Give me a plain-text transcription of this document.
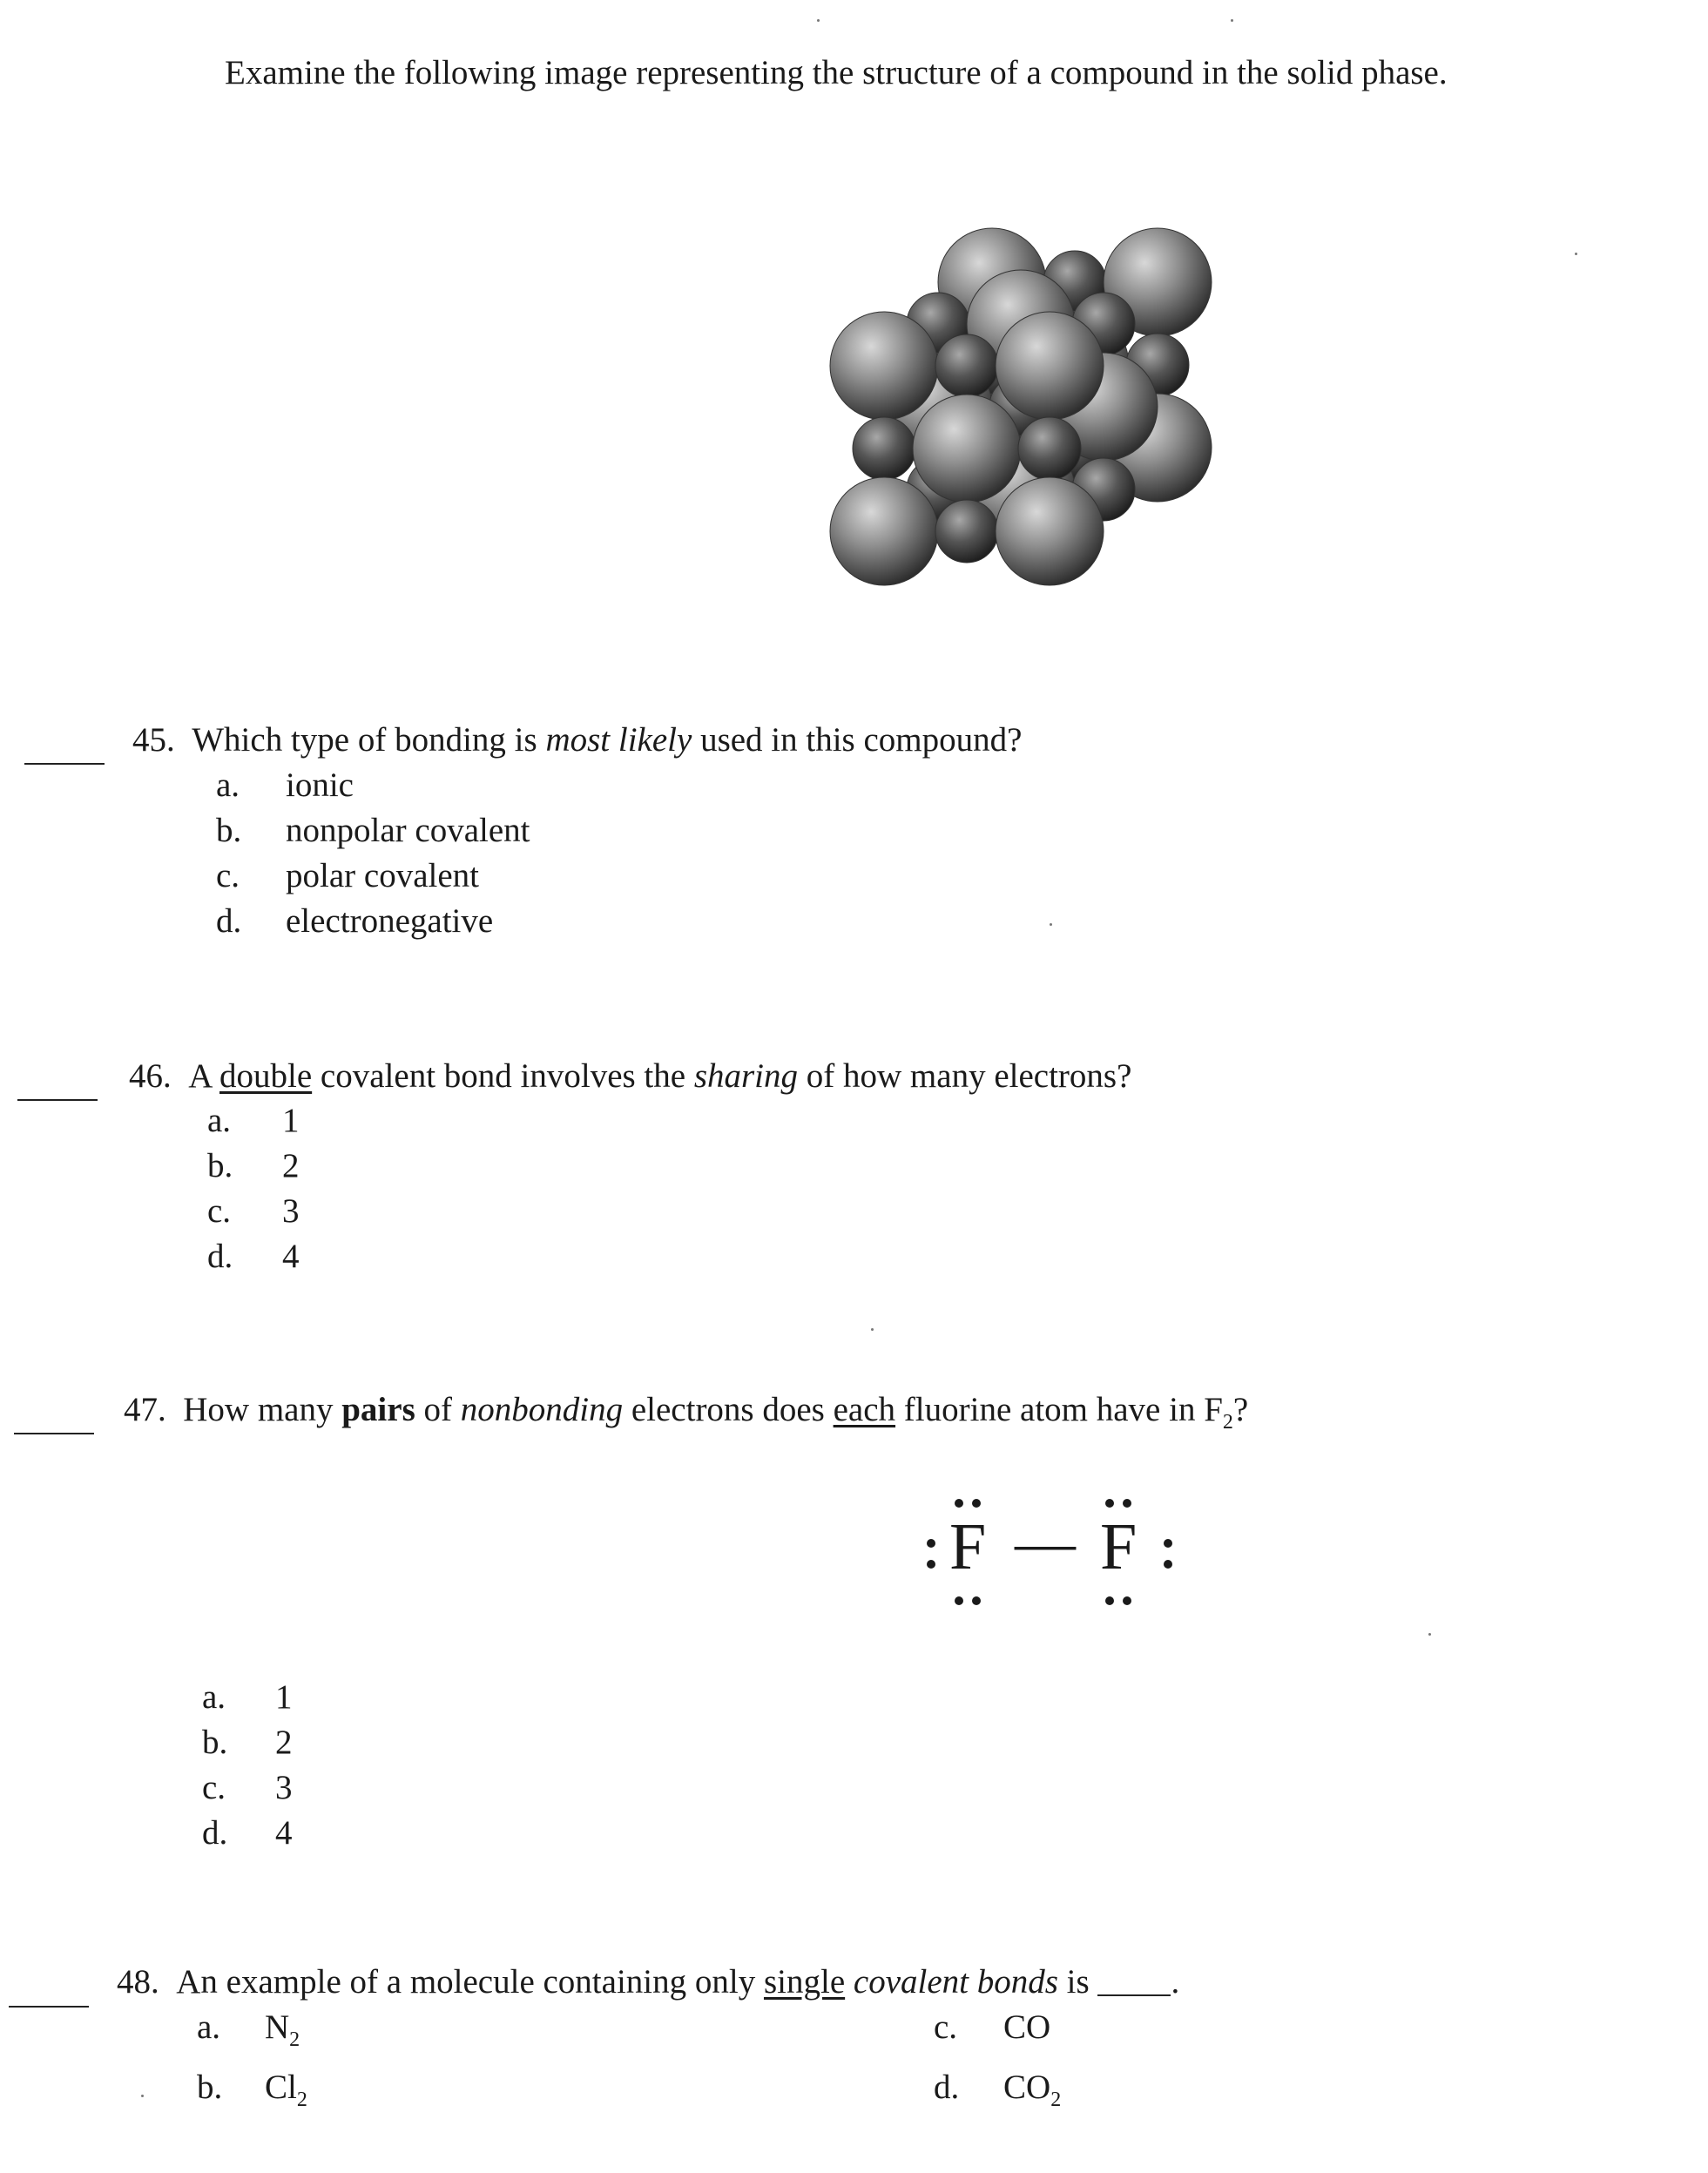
Examine the following image representing the structure of a compound in the solid phase.
45. Which type of bonding is most likely used in this compound?
a. ionic
b. nonpolar covalent
c. polar covalent
d. electronegative
46. A double covalent bond involves the sharing of how many electrons?
a. 1
b. 2
c. 3
d. 4
47. How many pairs of nonbonding electrons does each fluorine atom have in $F_2$?
F — F
a. 1
b. 2
c. 3
d. 4
48. An example of a molecule containing only single covalent bonds is .
a. $N_2$
b. $Cl_2$
c. CO
d. $CO_2$
